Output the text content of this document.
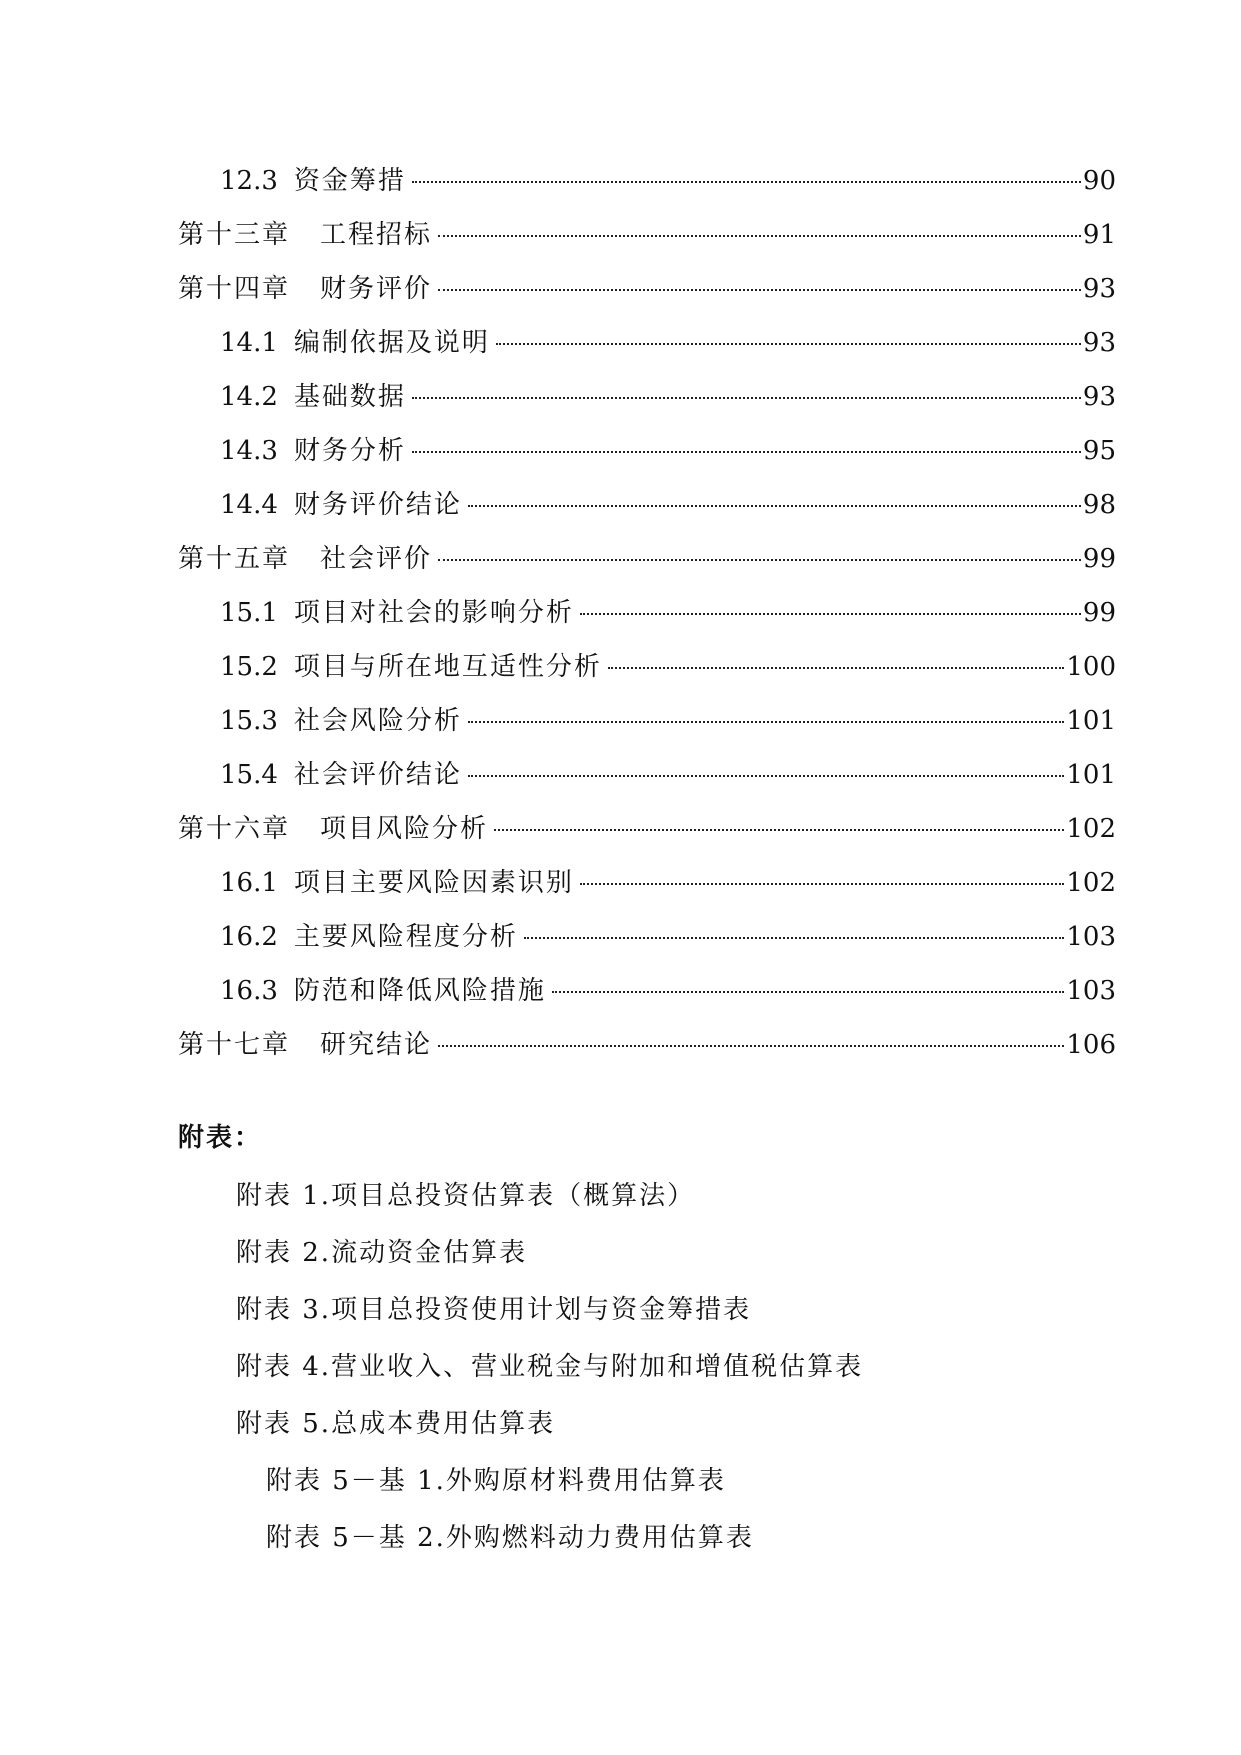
12.3 资金筹措	90
第十三章 工程招标	91
第十四章 财务评价	93
14.1 编制依据及说明	93
14.2 基础数据	93
14.3 财务分析	95
14.4 财务评价结论	98
第十五章 社会评价	99
15.1 项目对社会的影响分析	99
15.2 项目与所在地互适性分析	100
15.3 社会风险分析	101
15.4 社会评价结论	101
第十六章 项目风险分析	102
16.1 项目主要风险因素识别	102
16.2 主要风险程度分析	103
16.3 防范和降低风险措施	103
第十七章 研究结论	106
附表：
附表 1.项目总投资估算表（概算法）
附表 2.流动资金估算表
附表 3.项目总投资使用计划与资金筹措表
附表 4.营业收入、营业税金与附加和增值税估算表
附表 5.总成本费用估算表
附表 5－基 1.外购原材料费用估算表
附表 5－基 2.外购燃料动力费用估算表
